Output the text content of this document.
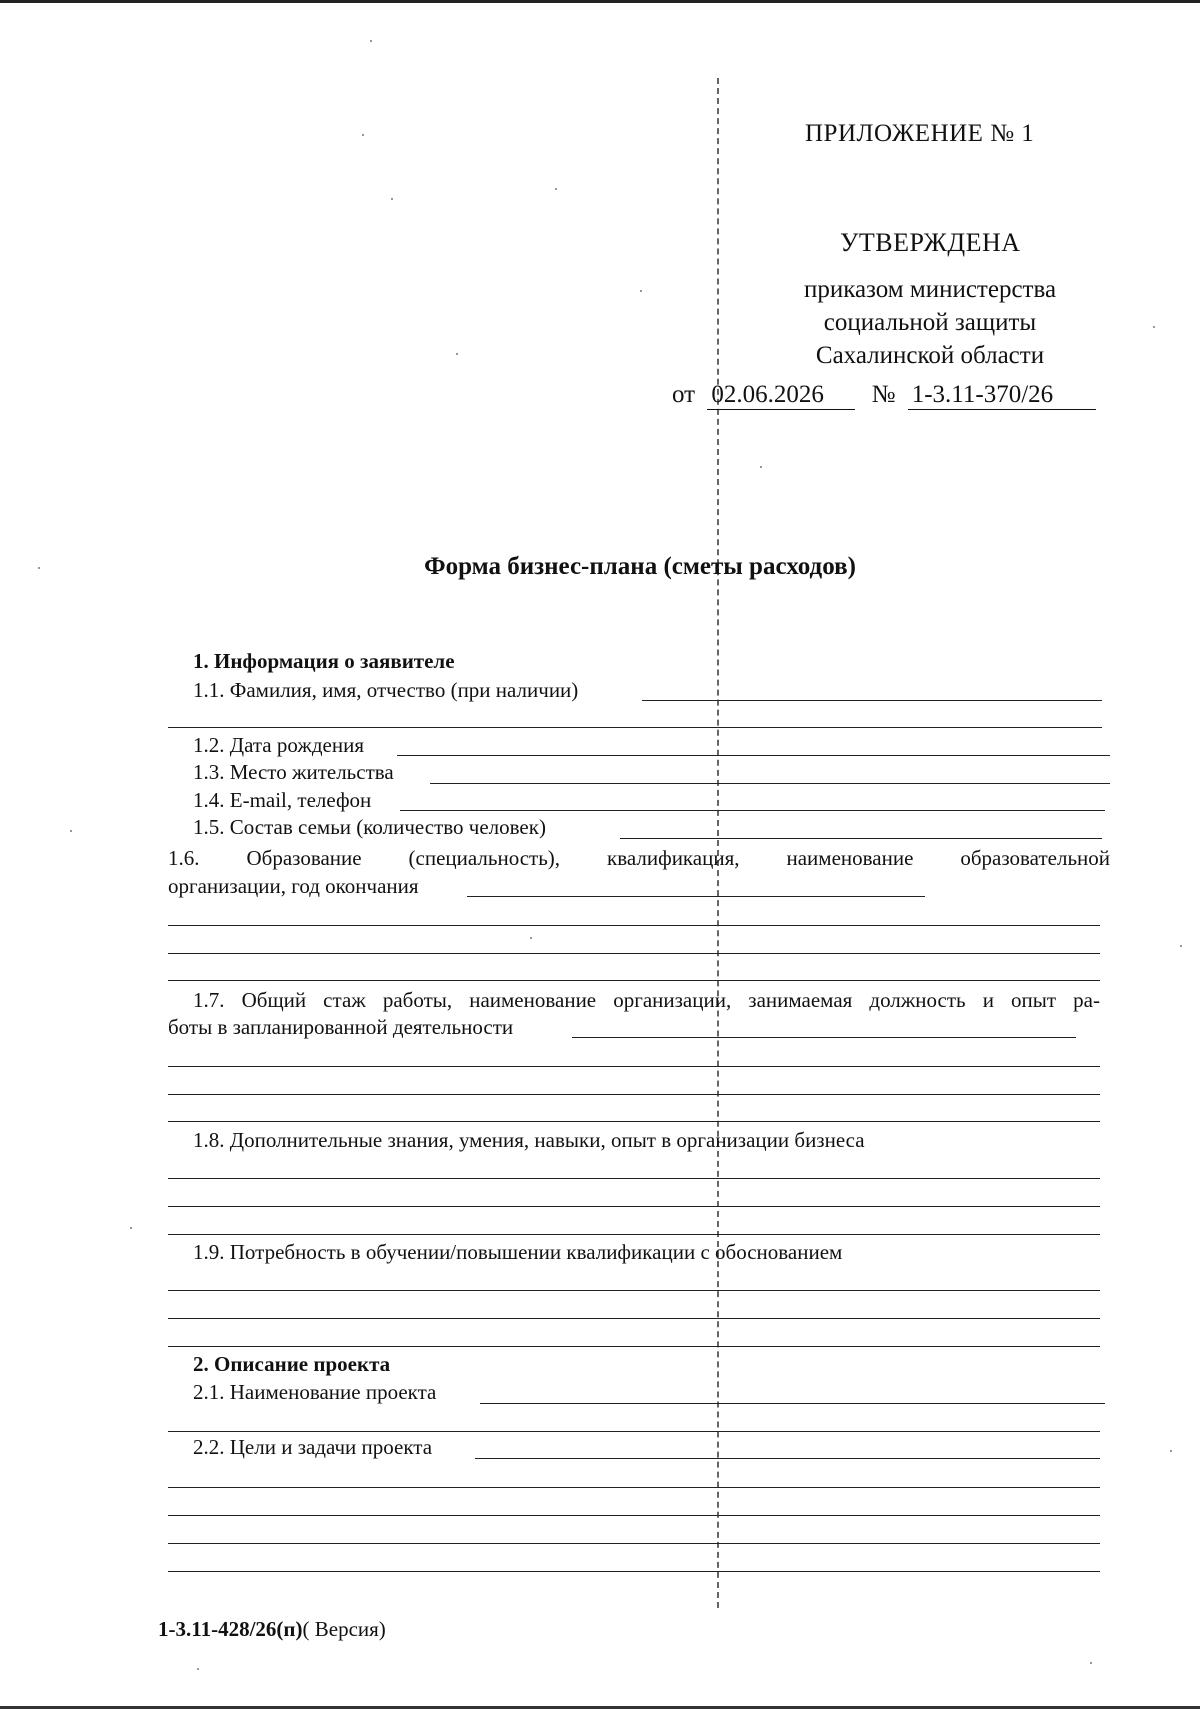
ПРИЛОЖЕНИЕ № 1
УТВЕРЖДЕНА
приказом министерства
социальной защиты
Сахалинской области
от 02.06.2026 № 1-3.11-370/26
Форма бизнес-плана (сметы расходов)
1. Информация о заявителе
1.1. Фамилия, имя, отчество (при наличии)
1.2. Дата рождения
1.3. Место жительства
1.4. E-mail, телефон
1.5. Состав семьи (количество человек)
1.6. Образование (специальность), квалификация, наименование образовательной
организации, год окончания
1.7. Общий стаж работы, наименование организации, занимаемая должность и опыт ра-
боты в запланированной деятельности
1.8. Дополнительные знания, умения, навыки, опыт в организации бизнеса
1.9. Потребность в обучении/повышении квалификации с обоснованием
2. Описание проекта
2.1. Наименование проекта
2.2. Цели и задачи проекта
1-3.11-428/26(п)( Версия)
